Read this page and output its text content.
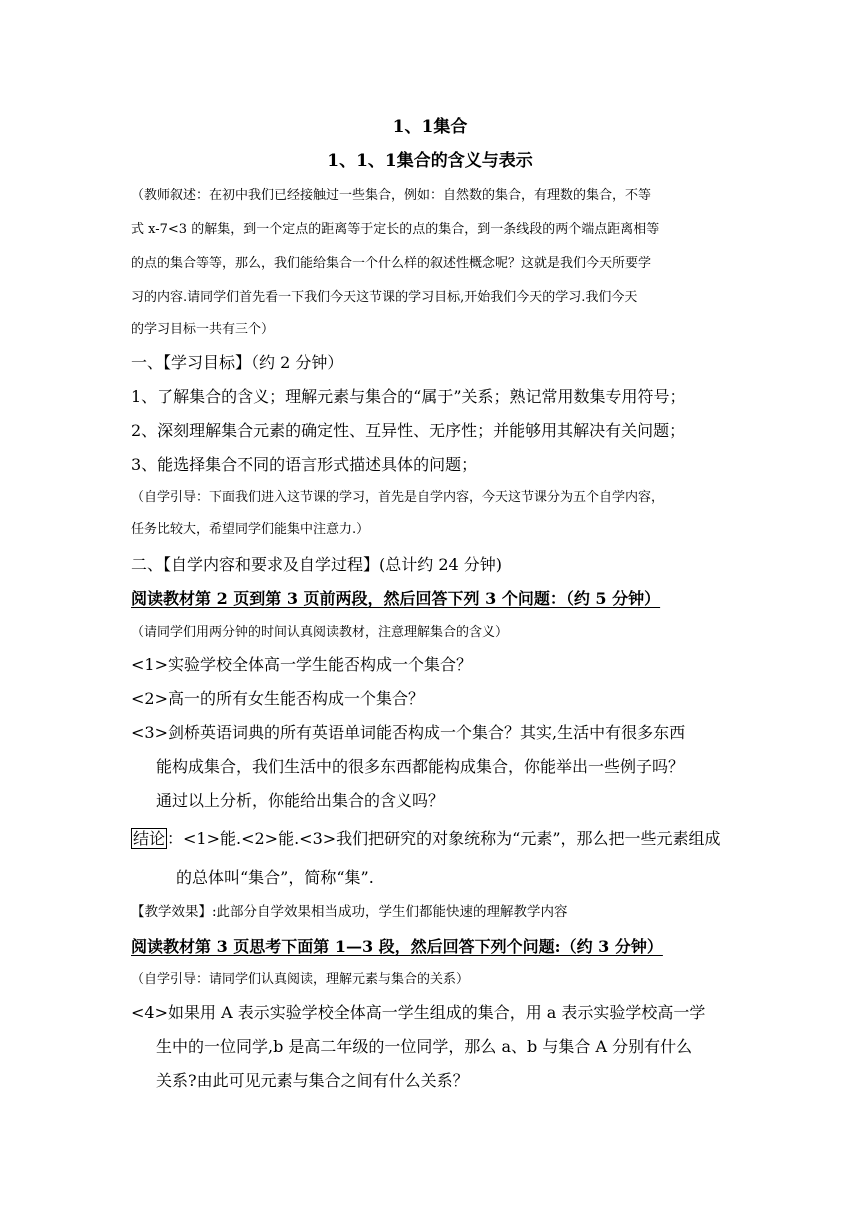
1、1集合
1、1、1集合的含义与表示
（教师叙述：在初中我们已经接触过一些集合，例如：自然数的集合，有理数的集合，不等
式 x-7<3 的解集，到一个定点的距离等于定长的点的集合，到一条线段的两个端点距离相等
的点的集合等等，那么，我们能给集合一个什么样的叙述性概念呢？这就是我们今天所要学
习的内容.请同学们首先看一下我们今天这节课的学习目标,开始我们今天的学习.我们今天
的学习目标一共有三个）
一、【学习目标】（约 2 分钟）
1、了解集合的含义；理解元素与集合的“属于”关系；熟记常用数集专用符号；
2、深刻理解集合元素的确定性、互异性、无序性；并能够用其解决有关问题；
3、能选择集合不同的语言形式描述具体的问题；
（自学引导：下面我们进入这节课的学习，首先是自学内容，今天这节课分为五个自学内容，
任务比较大，希望同学们能集中注意力.）
二、【自学内容和要求及自学过程】(总计约 24 分钟)
阅读教材第 2 页到第 3 页前两段，然后回答下列 3 个问题：（约 5 分钟）
（请同学们用两分钟的时间认真阅读教材，注意理解集合的含义）
<1>实验学校全体高一学生能否构成一个集合？
<2>高一的所有女生能否构成一个集合？
<3>剑桥英语词典的所有英语单词能否构成一个集合？其实,生活中有很多东西
能构成集合，我们生活中的很多东西都能构成集合，你能举出一些例子吗？
通过以上分析，你能给出集合的含义吗？
结论 ：<1>能.<2>能.<3>我们把研究的对象统称为“元素”，那么把一些元素组成
的总体叫“集合”，简称“集”.
【教学效果】:此部分自学效果相当成功，学生们都能快速的理解教学内容
阅读教材第 3 页思考下面第 1—3 段，然后回答下列个问题:（约 3 分钟）
（自学引导：请同学们认真阅读，理解元素与集合的关系）
<4>如果用 A 表示实验学校全体高一学生组成的集合，用 a 表示实验学校高一学
生中的一位同学,b 是高二年级的一位同学，那么 a、b 与集合 A 分别有什么
关系?由此可见元素与集合之间有什么关系？
